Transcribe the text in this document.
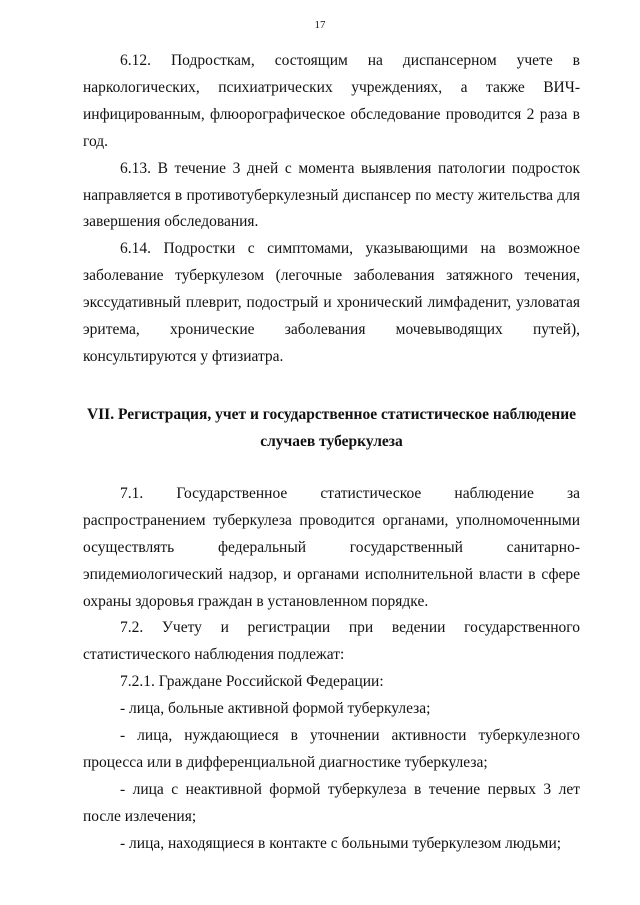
17

6.12. Подросткам, состоящим на диспансерном учете в наркологических, психиатрических учреждениях, а также ВИЧ-инфицированным, флюорографическое обследование проводится 2 раза в год.

6.13. В течение 3 дней с момента выявления патологии подросток направляется в противотуберкулезный диспансер по месту жительства для завершения обследования.

6.14. Подростки с симптомами, указывающими на возможное заболевание туберкулезом (легочные заболевания затяжного течения, экссудативный плеврит, подострый и хронический лимфаденит, узловатая эритема, хронические заболевания мочевыводящих путей), консультируются у фтизиатра.

VII. Регистрация, учет и государственное статистическое наблюдение

случаев туберкулеза

7.1. Государственное статистическое наблюдение за распространением туберкулеза проводится органами, уполномоченными осуществлять федеральный государственный санитарно-эпидемиологический надзор, и органами исполнительной власти в сфере охраны здоровья граждан в установленном порядке.

7.2. Учету и регистрации при ведении государственного статистического наблюдения подлежат:

7.2.1. Граждане Российской Федерации:

- лица, больные активной формой туберкулеза;

- лица, нуждающиеся в уточнении активности туберкулезного процесса или в дифференциальной диагностике туберкулеза;

- лица с неактивной формой туберкулеза в течение первых 3 лет после излечения;

- лица, находящиеся в контакте с больными туберкулезом людьми;
